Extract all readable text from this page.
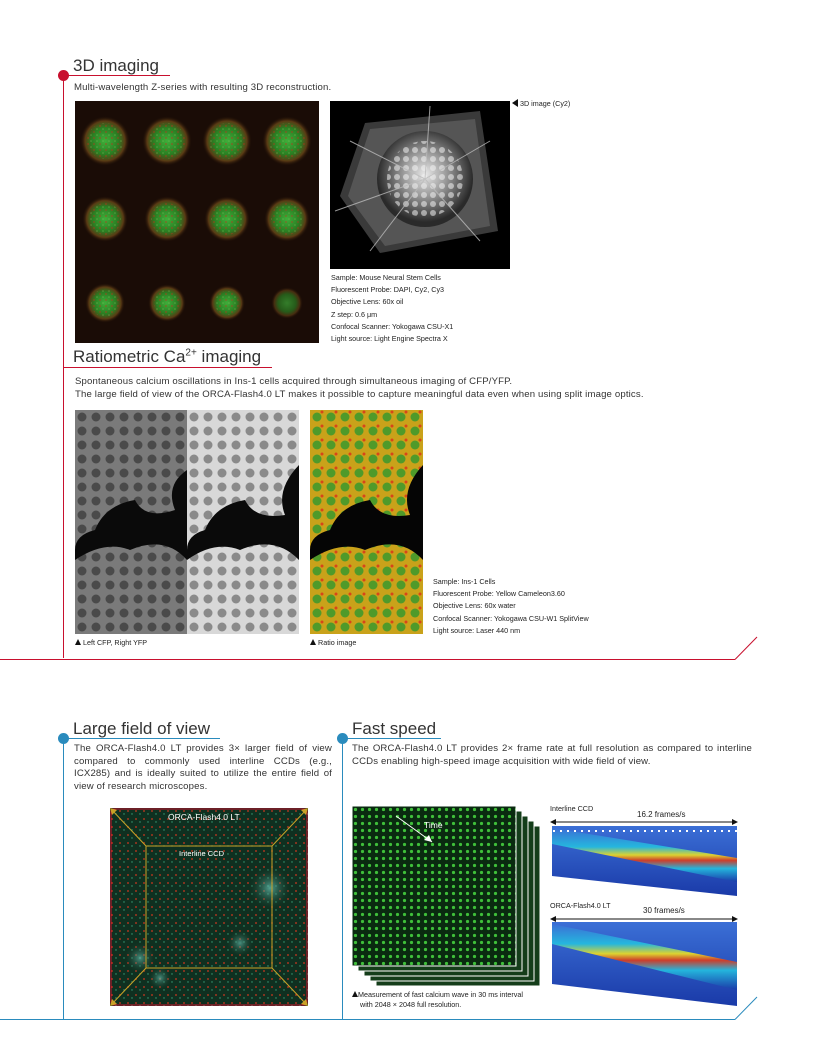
3D imaging
Multi-wavelength Z-series with resulting 3D reconstruction.
3D image (Cy2)
Sample: Mouse Neural Stem Cells
Fluorescent Probe: DAPI, Cy2, Cy3
Objective Lens: 60x oil
Z step: 0.6 μm
Confocal Scanner: Yokogawa CSU-X1
Light source: Light Engine Spectra X
Ratiometric $Ca^{2+}$ imaging
Spontaneous calcium oscillations in Ins-1 cells acquired through simultaneous imaging of CFP/YFP.
The large field of view of the ORCA-Flash4.0 LT makes it possible to capture meaningful data even when using split image optics.
Left CFP, Right YFP	Ratio image
Sample: Ins-1 Cells
Fluorescent Probe: Yellow Cameleon3.60
Objective Lens: 60x water
Confocal Scanner: Yokogawa CSU-W1 SplitView
Light source: Laser 440 nm
Large field of view
The ORCA-Flash4.0 LT provides 3× larger field of view compared to commonly used interline CCDs (e.g., ICX285) and is ideally suited to utilize the entire field of view of research microscopes.
ORCA-Flash4.0 LT
Interline CCD
Fast speed
The ORCA-Flash4.0 LT provides 2× frame rate at full resolution as compared to interline CCDs enabling high-speed image acquisition with wide field of view.
Time
Measurement of fast calcium wave in 30 ms interval
with 2048 × 2048 full resolution.
Interline CCD
16.2 frames/s
ORCA-Flash4.0 LT
30 frames/s
